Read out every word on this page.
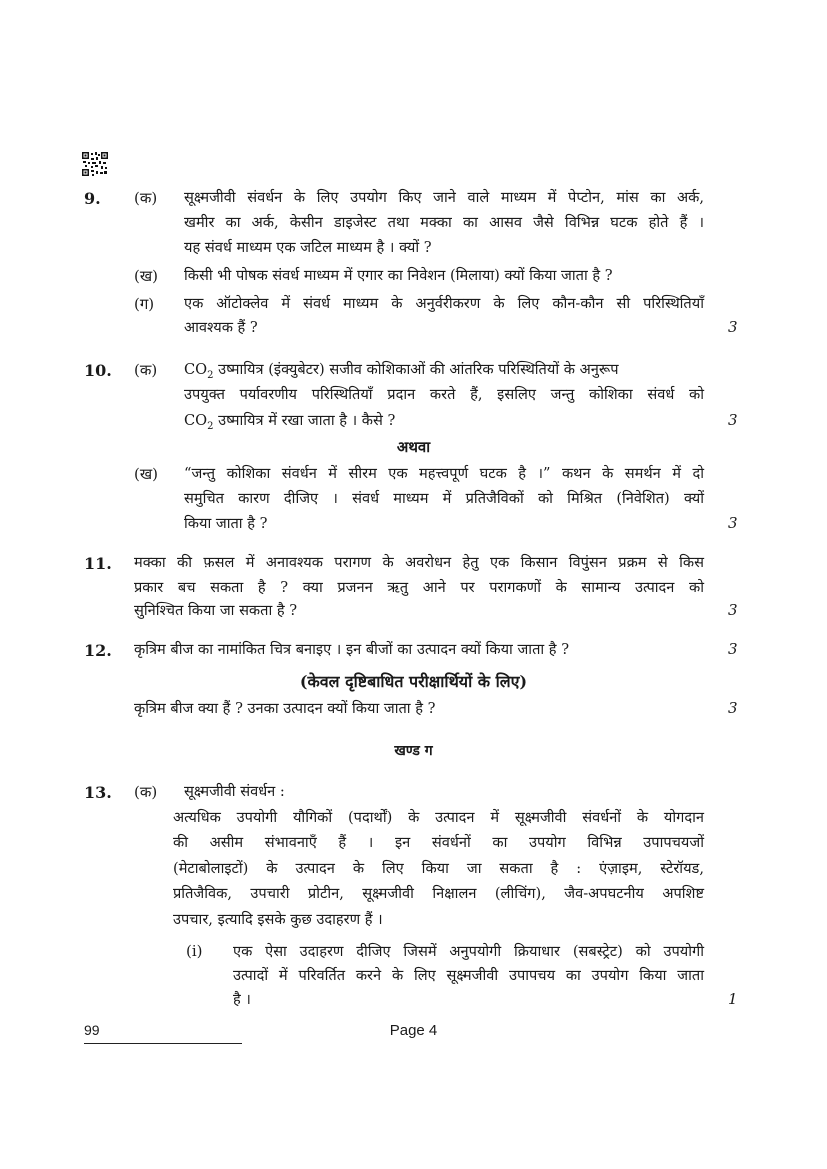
9. (क) सूक्ष्मजीवी संवर्धन के लिए उपयोग किए जाने वाले माध्यम में पेप्टोन, मांस का अर्क,
खमीर का अर्क, केसीन डाइजेस्ट तथा मक्का का आसव जैसे विभिन्न घटक होते हैं ।
यह संवर्ध माध्यम एक जटिल माध्यम है । क्यों ?
(ख) किसी भी पोषक संवर्ध माध्यम में एगार का निवेशन (मिलाया) क्यों किया जाता है ?
(ग) एक ऑटोक्लेव में संवर्ध माध्यम के अनुर्वरीकरण के लिए कौन-कौन सी परिस्थितियाँ
आवश्यक हैं ?	3
10. (क) $CO_2$ उष्मायित्र (इंक्युबेटर) सजीव कोशिकाओं की आंतरिक परिस्थितियों के अनुरूप
उपयुक्त पर्यावरणीय परिस्थितियाँ प्रदान करते हैं, इसलिए जन्तु कोशिका संवर्ध को
$CO_2$ उष्मायित्र में रखा जाता है । कैसे ?	3
अथवा
(ख) “जन्तु कोशिका संवर्धन में सीरम एक महत्त्वपूर्ण घटक है ।” कथन के समर्थन में दो
समुचित कारण दीजिए । संवर्ध माध्यम में प्रतिजैविकों को मिश्रित (निवेशित) क्यों
किया जाता है ?	3
11. मक्का की फ़सल में अनावश्यक परागण के अवरोधन हेतु एक किसान विपुंसन प्रक्रम से किस
प्रकार बच सकता है ? क्या प्रजनन ऋतु आने पर परागकणों के सामान्य उत्पादन को
सुनिश्चित किया जा सकता है ?	3
12. कृत्रिम बीज का नामांकित चित्र बनाइए । इन बीजों का उत्पादन क्यों किया जाता है ?	3
(केवल दृष्टिबाधित परीक्षार्थियों के लिए)
कृत्रिम बीज क्या हैं ? उनका उत्पादन क्यों किया जाता है ?	3
खण्ड ग
13. (क) सूक्ष्मजीवी संवर्धन :
अत्यधिक उपयोगी यौगिकों (पदार्थों) के उत्पादन में सूक्ष्मजीवी संवर्धनों के योगदान
की असीम संभावनाएँ हैं । इन संवर्धनों का उपयोग विभिन्न उपापचयजों
(मेटाबोलाइटों) के उत्पादन के लिए किया जा सकता है : एंज़ाइम, स्टेरॉयड,
प्रतिजैविक, उपचारी प्रोटीन, सूक्ष्मजीवी निक्षालन (लीचिंग), जैव-अपघटनीय अपशिष्ट
उपचार, इत्यादि इसके कुछ उदाहरण हैं ।
(i) एक ऐसा उदाहरण दीजिए जिसमें अनुपयोगी क्रियाधार (सबस्ट्रेट) को उपयोगी
उत्पादों में परिवर्तित करने के लिए सूक्ष्मजीवी उपापचय का उपयोग किया जाता
है ।	1
99	Page 4
